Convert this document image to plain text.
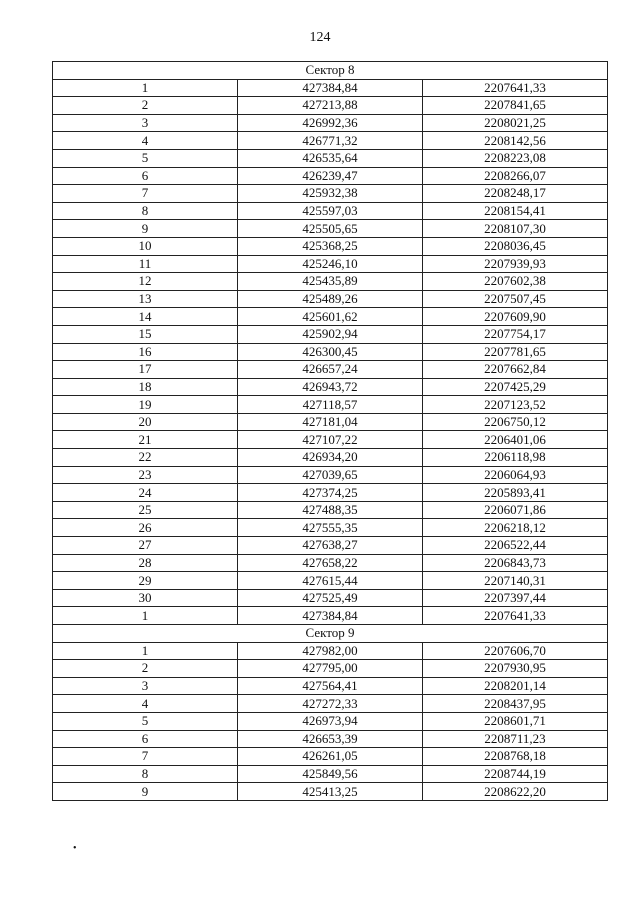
124
Сектор 8		
1	427384,84	2207641,33
2	427213,88	2207841,65
3	426992,36	2208021,25
4	426771,32	2208142,56
5	426535,64	2208223,08
6	426239,47	2208266,07
7	425932,38	2208248,17
8	425597,03	2208154,41
9	425505,65	2208107,30
10	425368,25	2208036,45
11	425246,10	2207939,93
12	425435,89	2207602,38
13	425489,26	2207507,45
14	425601,62	2207609,90
15	425902,94	2207754,17
16	426300,45	2207781,65
17	426657,24	2207662,84
18	426943,72	2207425,29
19	427118,57	2207123,52
20	427181,04	2206750,12
21	427107,22	2206401,06
22	426934,20	2206118,98
23	427039,65	2206064,93
24	427374,25	2205893,41
25	427488,35	2206071,86
26	427555,35	2206218,12
27	427638,27	2206522,44
28	427658,22	2206843,73
29	427615,44	2207140,31
30	427525,49	2207397,44
1	427384,84	2207641,33
Сектор 9		
1	427982,00	2207606,70
2	427795,00	2207930,95
3	427564,41	2208201,14
4	427272,33	2208437,95
5	426973,94	2208601,71
6	426653,39	2208711,23
7	426261,05	2208768,18
8	425849,56	2208744,19
9	425413,25	2208622,20
•
